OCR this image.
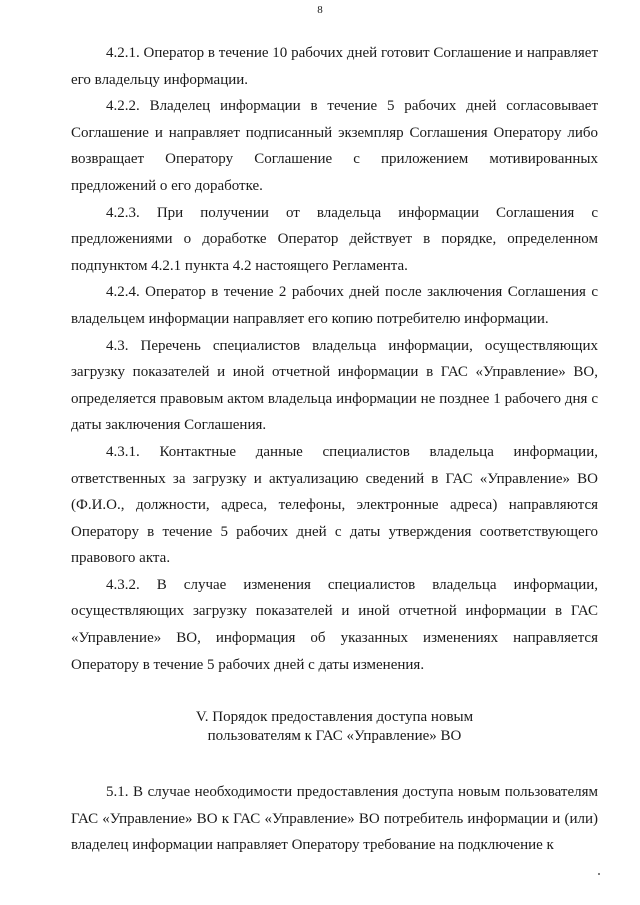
8

4.2.1. Оператор в течение 10 рабочих дней готовит Соглашение и направляет его владельцу информации.

4.2.2. Владелец информации в течение 5 рабочих дней согласовывает Соглашение и направляет подписанный экземпляр Соглашения Оператору либо возвращает Оператору Соглашение с приложением мотивированных предложений о его доработке.

4.2.3. При получении от владельца информации Соглашения с предложениями о доработке Оператор действует в порядке, определенном подпунктом 4.2.1 пункта 4.2 настоящего Регламента.

4.2.4. Оператор в течение 2 рабочих дней после заключения Соглашения с владельцем информации направляет его копию потребителю информации.

4.3. Перечень специалистов владельца информации, осуществляющих загрузку показателей и иной отчетной информации в ГАС «Управление» ВО, определяется правовым актом владельца информации не позднее 1 рабочего дня с даты заключения Соглашения.

4.3.1. Контактные данные специалистов владельца информации, ответственных за загрузку и актуализацию сведений в ГАС «Управление» ВО (Ф.И.О., должности, адреса, телефоны, электронные адреса) направляются Оператору в течение 5 рабочих дней с даты утверждения соответствующего правового акта.

4.3.2. В случае изменения специалистов владельца информации, осуществляющих загрузку показателей и иной отчетной информации в ГАС «Управление» ВО, информация об указанных изменениях направляется Оператору в течение 5 рабочих дней с даты изменения.

V. Порядок предоставления доступа новым
пользователям к ГАС «Управление» ВО

5.1. В случае необходимости предоставления доступа новым пользователям ГАС «Управление» ВО к ГАС «Управление» ВО потребитель информации и (или) владелец информации направляет Оператору требование на подключение к
